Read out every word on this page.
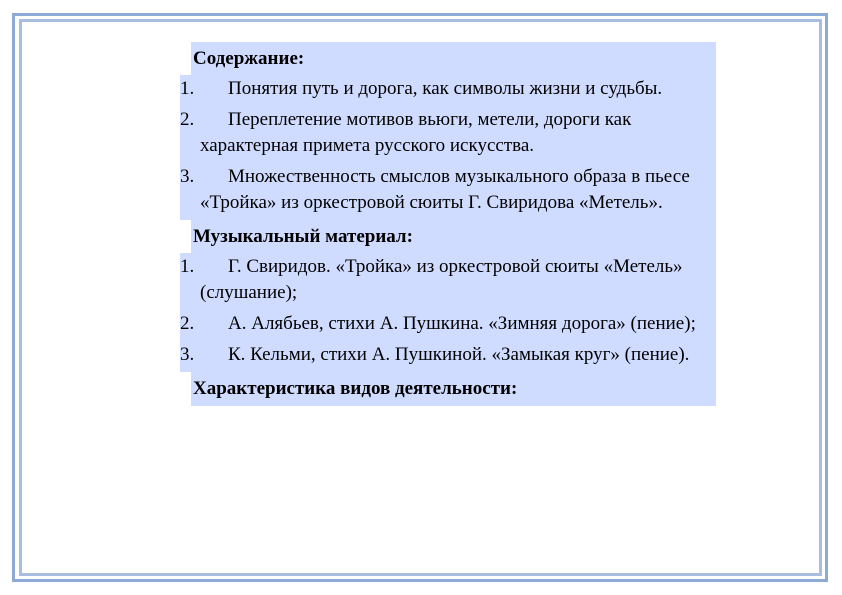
Содержание:
1.	Понятия путь и дорога, как символы жизни и судьбы.
2.	Переплетение мотивов вьюги, метели, дороги как характерная примета русского искусства.
3.	Множественность смыслов музыкального образа в пьесе «Тройка» из оркестровой сюиты Г. Свиридова «Метель».
Музыкальный материал:
1.	Г. Свиридов. «Тройка» из оркестровой сюиты «Метель» (слушание);
2.	А. Алябьев, стихи А. Пушкина. «Зимняя дорога» (пение);
3.	К. Кельми, стихи А. Пушкиной. «Замыкая круг» (пение).
Характеристика видов деятельности:
